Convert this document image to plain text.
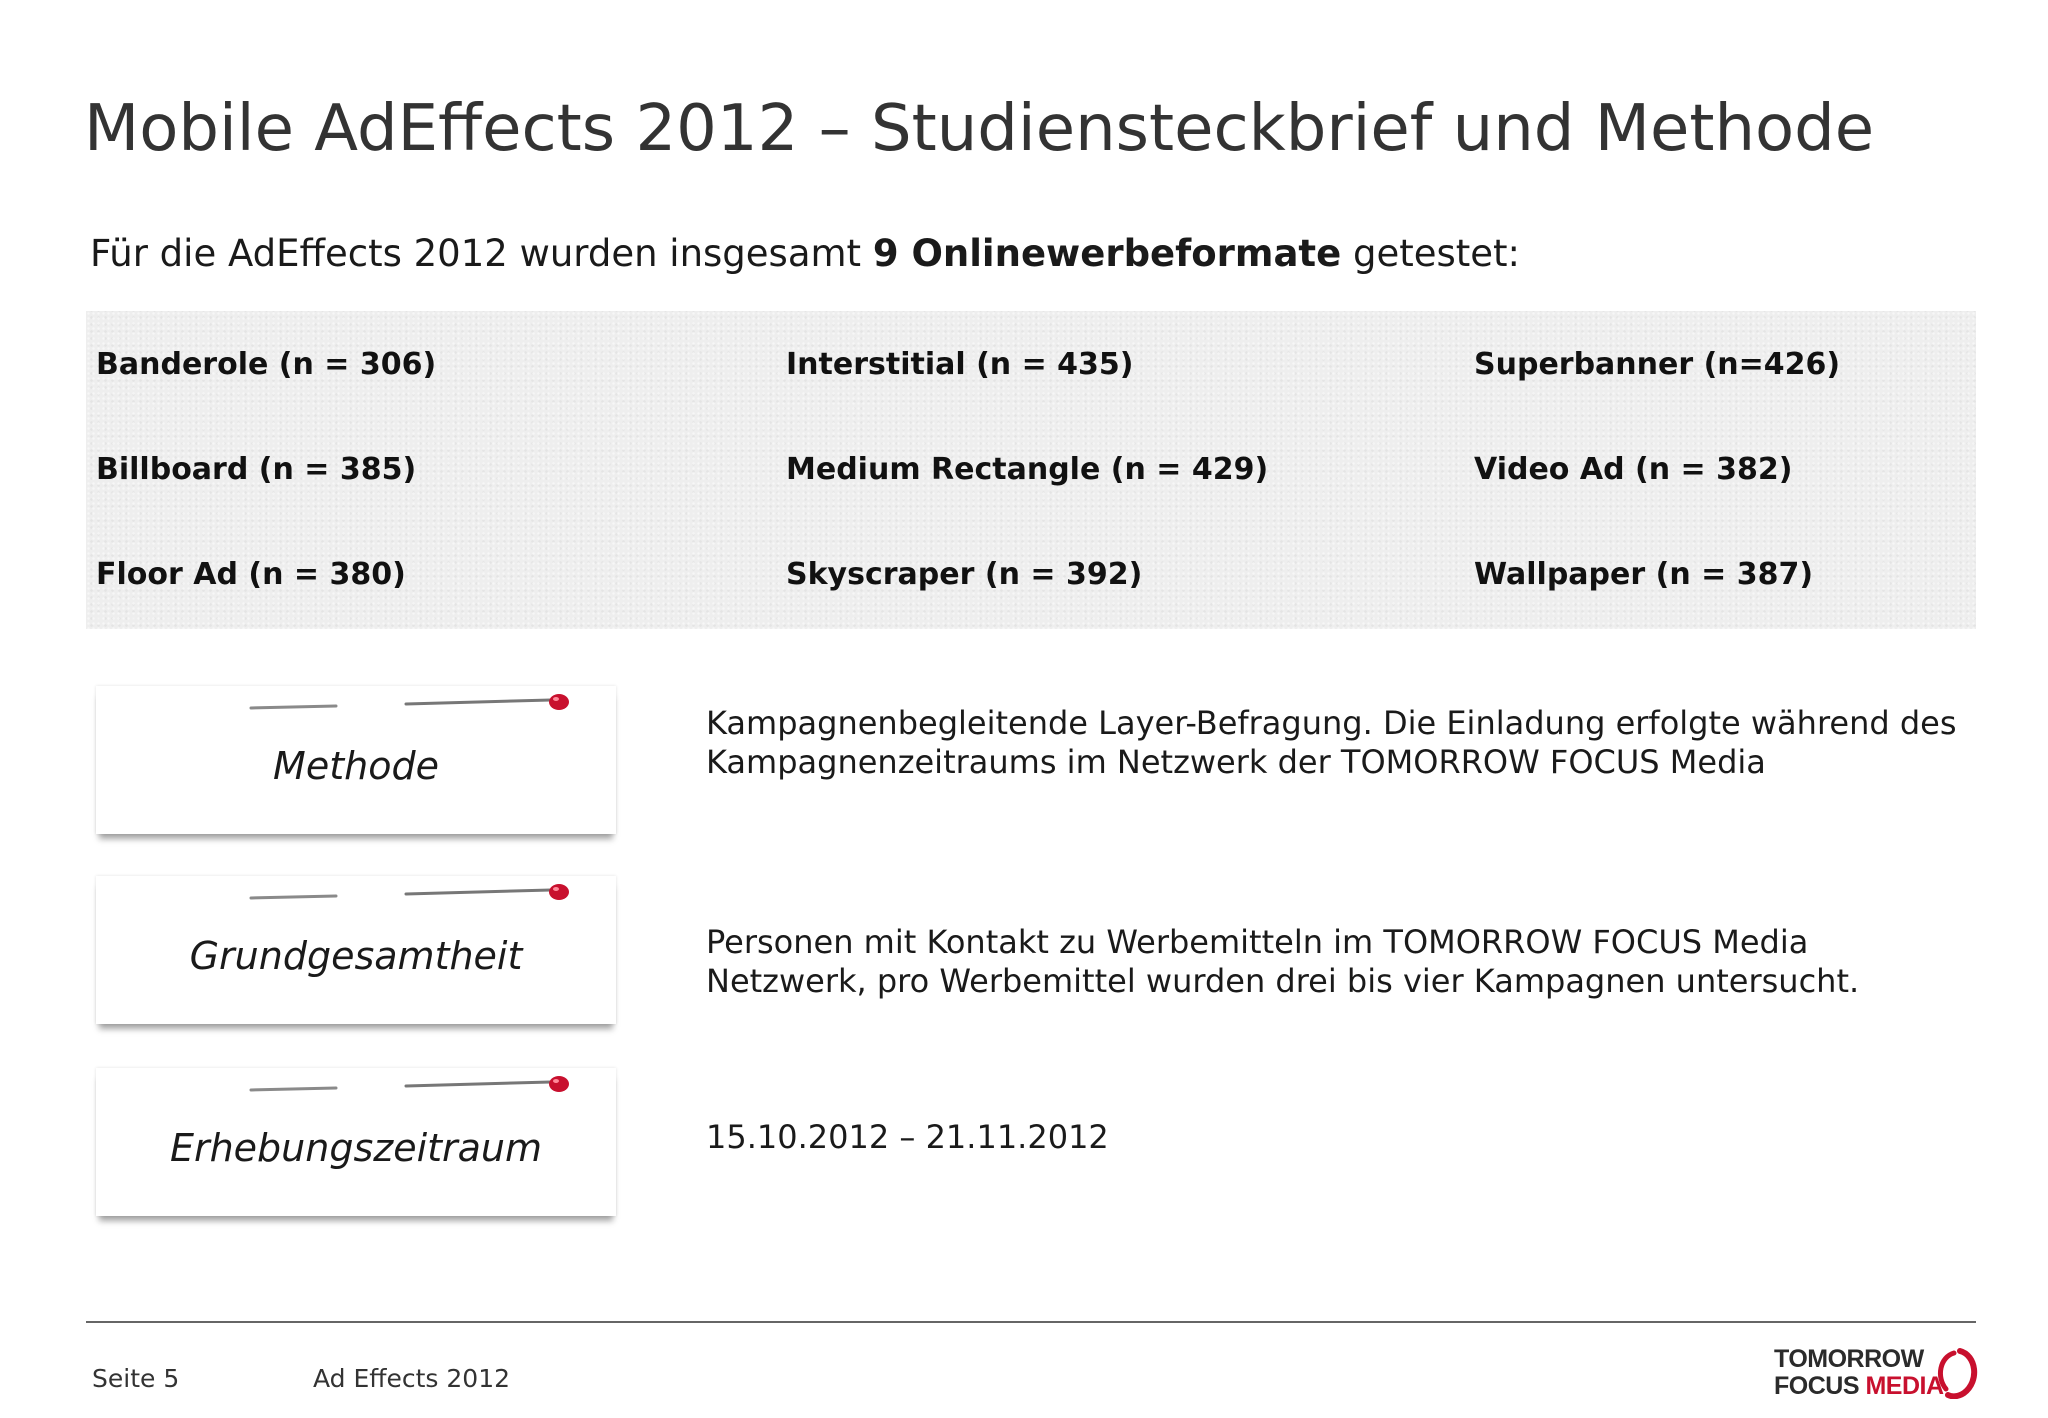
Mobile AdEffects 2012 – Studiensteckbrief und Methode
Für die AdEffects 2012 wurden insgesamt 9 Onlinewerbeformate getestet:
Banderole (n = 306)	Interstitial (n = 435)	Superbanner (n=426)
Billboard (n = 385)	Medium Rectangle (n = 429)	Video Ad (n = 382)
Floor Ad (n = 380)	Skyscraper (n = 392)	Wallpaper (n = 387)
Methode
Kampagnenbegleitende Layer-Befragung. Die Einladung erfolgte während des
Kampagnenzeitraums im Netzwerk der TOMORROW FOCUS Media
Grundgesamtheit	Personen mit Kontakt zu Werbemitteln im TOMORROW FOCUS Media
Netzwerk, pro Werbemittel wurden drei bis vier Kampagnen untersucht.
Erhebungszeitraum	15.10.2012 – 21.11.2012
Seite 5	Ad Effects 2012
TOMORROW
FOCUS MEDIA
